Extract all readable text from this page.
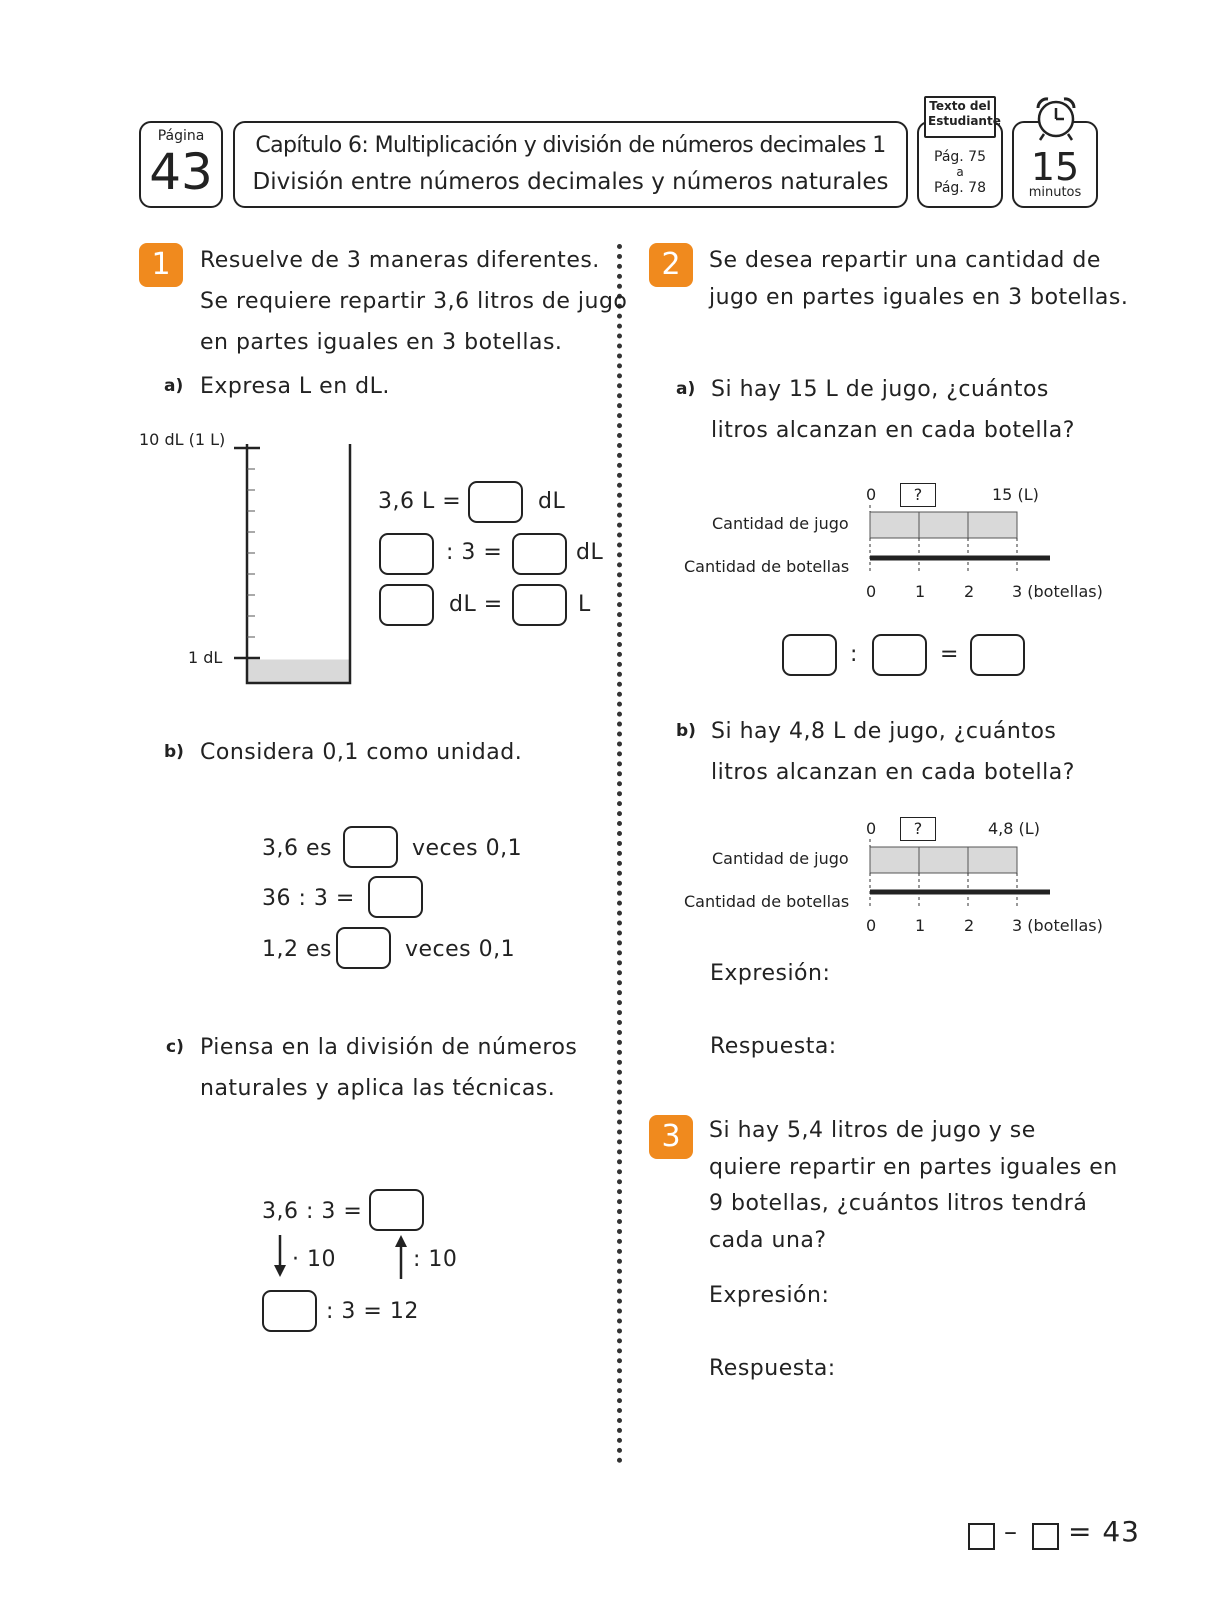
Página
43	Capítulo 6: Multiplicación y división de números decimales 1
División entre números decimales y números naturales
Pág. 75
a
Pág. 78
Texto del Estudiante
15
minutos
1	Resuelve de 3 maneras diferentes.
Se requiere repartir 3,6 litros de jugo
en partes iguales en 3 botellas.
a) Expresa L en dL.
10 dL (1 L)
1 dL
3,6 L =	dL
: 3 =	dL
dL =	L
b) Considera 0,1 como unidad.
3,6 es	veces 0,1
36 : 3 =
1,2 es	veces 0,1
c) Piensa en la división de números
naturales y aplica las técnicas.
3,6 : 3 =
· 10	: 10
: 3 = 12
2	Se desea repartir una cantidad de
jugo en partes iguales en 3 botellas.
a) Si hay 15 L de jugo, ¿cuántos
litros alcanzan en cada botella?
0	?	15 (L)
Cantidad de jugo
Cantidad de botellas
0 1 2 3 (botellas)
:	=
b) Si hay 4,8 L de jugo, ¿cuántos
litros alcanzan en cada botella?
0	?	4,8 (L)
Cantidad de jugo
Cantidad de botellas
0 1 2 3 (botellas)
Expresión:
Respuesta:
3	Si hay 5,4 litros de jugo y se
quiere repartir en partes iguales en
9 botellas, ¿cuántos litros tendrá
cada una?
Expresión:
Respuesta:
– = 43
